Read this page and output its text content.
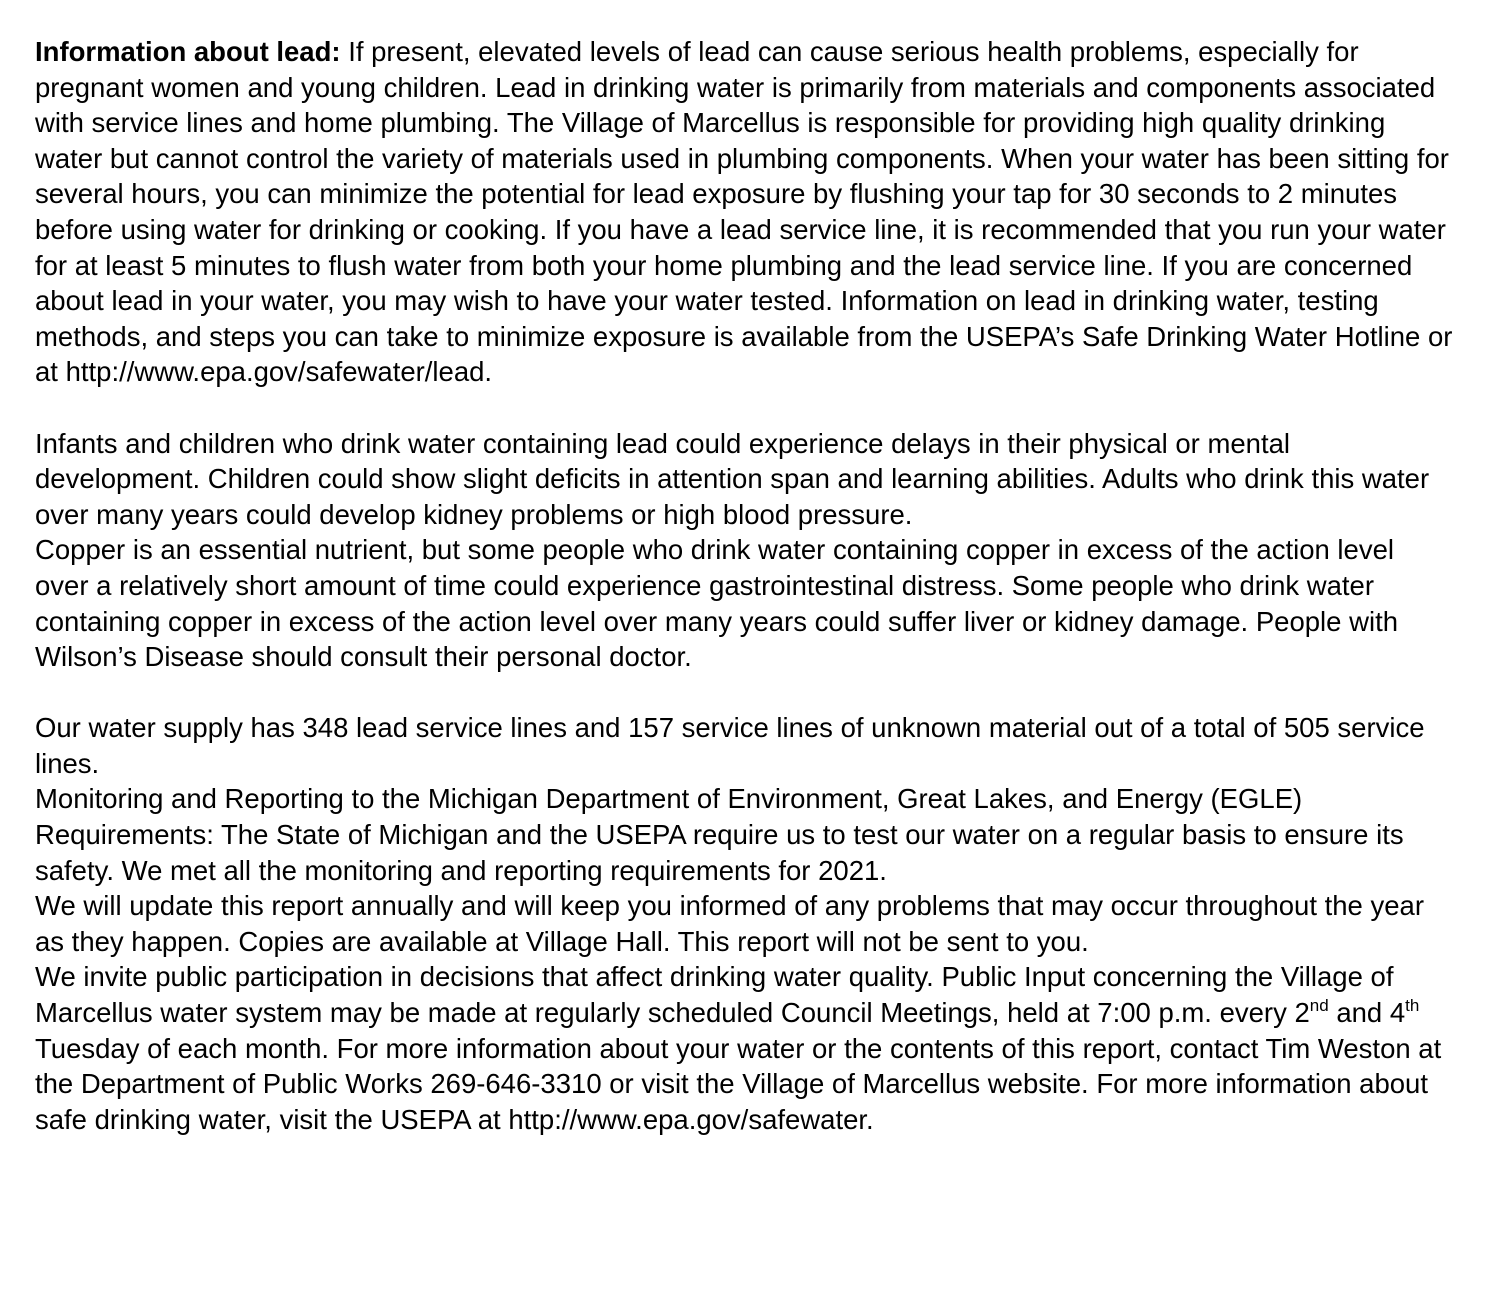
Information about lead: If present, elevated levels of lead can cause serious health problems, especially for pregnant women and young children. Lead in drinking water is primarily from materials and components associated with service lines and home plumbing. The Village of Marcellus is responsible for providing high quality drinking water but cannot control the variety of materials used in plumbing components. When your water has been sitting for several hours, you can minimize the potential for lead exposure by flushing your tap for 30 seconds to 2 minutes before using water for drinking or cooking. If you have a lead service line, it is recommended that you run your water for at least 5 minutes to flush water from both your home plumbing and the lead service line. If you are concerned about lead in your water, you may wish to have your water tested. Information on lead in drinking water, testing methods, and steps you can take to minimize exposure is available from the USEPA’s Safe Drinking Water Hotline or at http://www.epa.gov/safewater/lead.

Infants and children who drink water containing lead could experience delays in their physical or mental development. Children could show slight deficits in attention span and learning abilities. Adults who drink this water over many years could develop kidney problems or high blood pressure.

Copper is an essential nutrient, but some people who drink water containing copper in excess of the action level over a relatively short amount of time could experience gastrointestinal distress. Some people who drink water containing copper in excess of the action level over many years could suffer liver or kidney damage. People with Wilson’s Disease should consult their personal doctor.

Our water supply has 348 lead service lines and 157 service lines of unknown material out of a total of 505 service lines.

Monitoring and Reporting to the Michigan Department of Environment, Great Lakes, and Energy (EGLE) Requirements: The State of Michigan and the USEPA require us to test our water on a regular basis to ensure its safety. We met all the monitoring and reporting requirements for 2021.

We will update this report annually and will keep you informed of any problems that may occur throughout the year as they happen. Copies are available at Village Hall. This report will not be sent to you.

We invite public participation in decisions that affect drinking water quality. Public Input concerning the Village of Marcellus water system may be made at regularly scheduled Council Meetings, held at 7:00 p.m. every 2nd and 4th Tuesday of each month. For more information about your water or the contents of this report, contact Tim Weston at the Department of Public Works 269-646-3310 or visit the Village of Marcellus website. For more information about safe drinking water, visit the USEPA at http://www.epa.gov/safewater.
